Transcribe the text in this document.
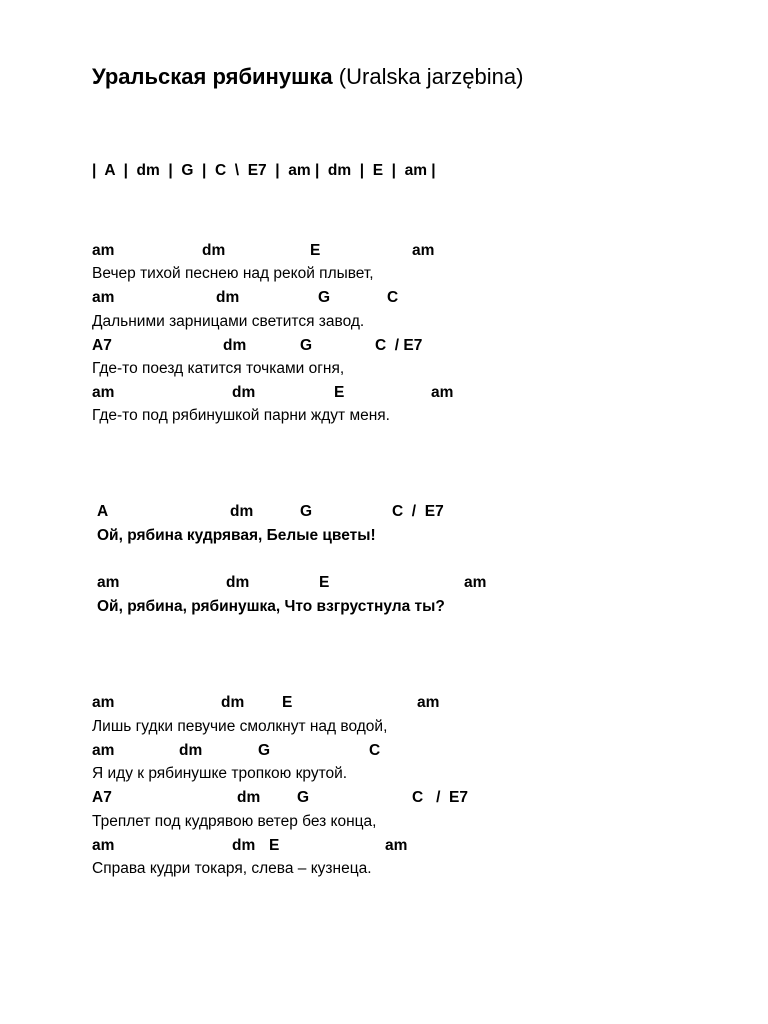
Уральская рябинушка (Uralska jarzębina)
|  A  |  dm  |  G  |  C  \  E7  |  am |  dm  |  E  |  am |
am	dm	E	am
Вечер тихой песнею над рекой плывет,
am	dm	G	C
Дальними зарницами светится завод.
A7	dm	G	C  / E7
Где-то поезд катится точками огня,
am	dm	E	am
Где-то под рябинушкой парни ждут меня.
A	dm	G	C  /  E7
Ой, рябина кудрявая, Белые цветы!
am	dm	E	am
Ой, рябина, рябинушка, Что взгрустнула ты?
am	dm E	am
Лишь гудки певучие смолкнут над водой,
am	dm	G	C
Я иду к рябинушке тропкою крутой.
A7	dm G	C   /  E7
Треплет под кудрявою ветер без конца,
am	dm E	am
Справа кудри токаря, слева – кузнеца.
